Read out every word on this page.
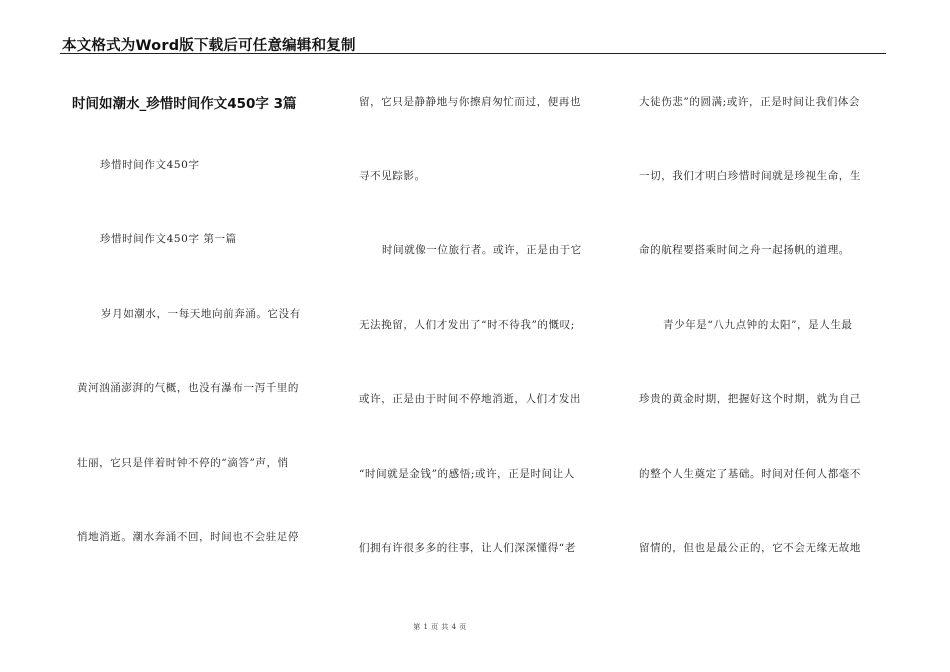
本文格式为Word版下载后可任意编辑和复制
时间如潮水_珍惜时间作文450字 3篇
珍惜时间作文450字
珍惜时间作文450字 第一篇
岁月如潮水，一每天地向前奔涌。它没有
黄河汹涌澎湃的气概，也没有瀑布一泻千里的
壮丽，它只是伴着时钟不停的“滴答”声，悄
悄地消逝。潮水奔涌不回，时间也不会驻足停
留，它只是静静地与你擦肩匆忙而过，便再也
寻不见踪影。
时间就像一位旅行者。或许，正是由于它
无法挽留，人们才发出了“时不待我”的慨叹;
或许，正是由于时间不停地消逝，人们才发出
“时间就是金钱”的感悟;或许，正是时间让人
们拥有许很多多的往事，让人们深深懂得“老
大徒伤悲”的圆满;或许，正是时间让我们体会
一切，我们才明白珍惜时间就是珍视生命，生
命的航程要搭乘时间之舟一起扬帆的道理。
青少年是“八九点钟的太阳”，是人生最
珍贵的黄金时期，把握好这个时期，就为自己
的整个人生奠定了基础。时间对任何人都毫不
留情的，但也是最公正的，它不会无缘无故地
第 1 页 共 4 页
